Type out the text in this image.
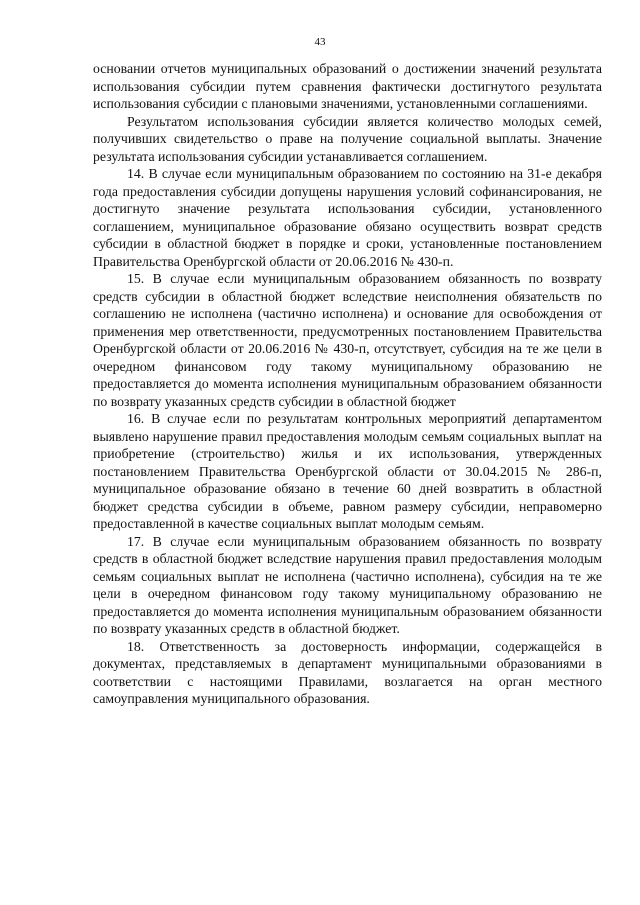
43

основании отчетов муниципальных образований о достижении значений результата использования субсидии путем сравнения фактически достигнутого результата использования субсидии с плановыми значениями, установленными соглашениями.

Результатом использования субсидии является количество молодых семей, получивших свидетельство о праве на получение социальной выплаты. Значение результата использования субсидии устанавливается соглашением.

14. В случае если муниципальным образованием по состоянию на 31-е декабря года предоставления субсидии допущены нарушения условий софинансирования, не достигнуто значение результата использования субсидии, установленного соглашением, муниципальное образование обязано осуществить возврат средств субсидии в областной бюджет в порядке и сроки, установленные постановлением Правительства Оренбургской области от 20.06.2016 № 430-п.

15. В случае если муниципальным образованием обязанность по возврату средств субсидии в областной бюджет вследствие неисполнения обязательств по соглашению не исполнена (частично исполнена) и основание для освобождения от применения мер ответственности, предусмотренных постановлением Правительства Оренбургской области от 20.06.2016 № 430-п, отсутствует, субсидия на те же цели в очередном финансовом году такому муниципальному образованию не предоставляется до момента исполнения муниципальным образованием обязанности по возврату указанных средств субсидии в областной бюджет

16. В случае если по результатам контрольных мероприятий департаментом выявлено нарушение правил предоставления молодым семьям социальных выплат на приобретение (строительство) жилья и их использования, утвержденных постановлением Правительства Оренбургской области от 30.04.2015 № 286-п, муниципальное образование обязано в течение 60 дней возвратить в областной бюджет средства субсидии в объеме, равном размеру субсидии, неправомерно предоставленной в качестве социальных выплат молодым семьям.

17. В случае если муниципальным образованием обязанность по возврату средств в областной бюджет вследствие нарушения правил предоставления молодым семьям социальных выплат не исполнена (частично исполнена), субсидия на те же цели в очередном финансовом году такому муниципальному образованию не предоставляется до момента исполнения муниципальным образованием обязанности по возврату указанных средств в областной бюджет.

18. Ответственность за достоверность информации, содержащейся в документах, представляемых в департамент муниципальными образованиями в соответствии с настоящими Правилами, возлагается на орган местного самоуправления муниципального образования.
